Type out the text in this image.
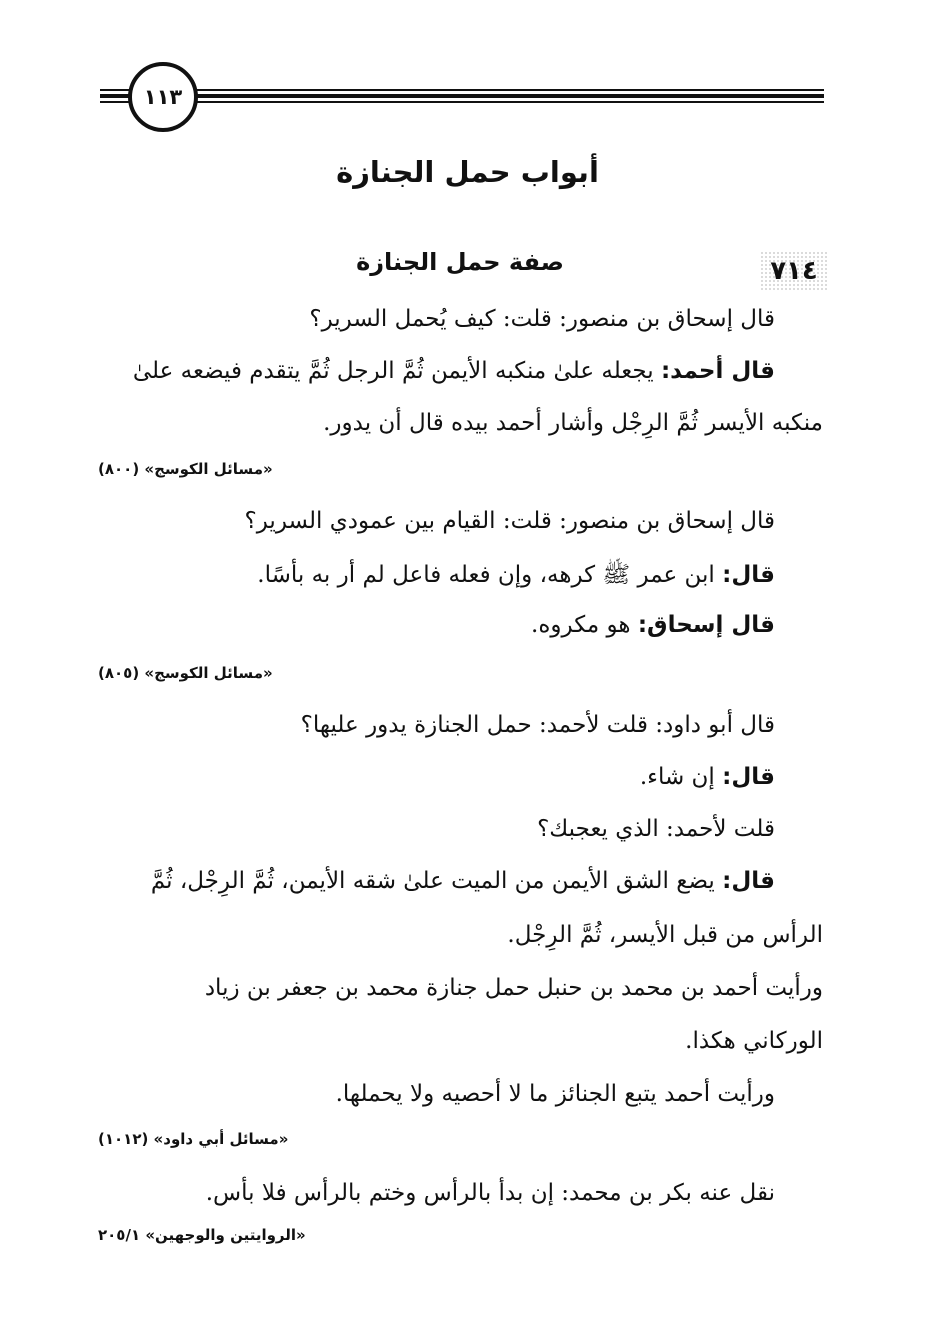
١١٣
أبواب حمل الجنازة
٧١٤
صفة حمل الجنازة
قال إسحاق بن منصور: قلت: كيف يُحمل السرير؟
قال أحمد: يجعله علىٰ منكبه الأيمن ثُمَّ الرجل ثُمَّ يتقدم فيضعه علىٰ
منكبه الأيسر ثُمَّ الرِجْل وأشار أحمد بيده قال أن يدور.
«مسائل الكوسج» (٨٠٠)
قال إسحاق بن منصور: قلت: القيام بين عمودي السرير؟
قال: ابن عمر ﷺ كرهه، وإن فعله فاعل لم أر به بأسًا.
قال إسحاق: هو مكروه.
«مسائل الكوسج» (٨٠٥)
قال أبو داود: قلت لأحمد: حمل الجنازة يدور عليها؟
قال: إن شاء.
قلت لأحمد: الذي يعجبك؟
قال: يضع الشق الأيمن من الميت علىٰ شقه الأيمن، ثُمَّ الرِجْل، ثُمَّ
الرأس من قبل الأيسر، ثُمَّ الرِجْل.
ورأيت أحمد بن محمد بن حنبل حمل جنازة محمد بن جعفر بن زياد
الوركاني هكذا.
ورأيت أحمد يتبع الجنائز ما لا أحصيه ولا يحملها.
«مسائل أبي داود» (١٠١٢)
نقل عنه بكر بن محمد: إن بدأ بالرأس وختم بالرأس فلا بأس.
«الروايتين والوجهين» ٢٠٥/١
